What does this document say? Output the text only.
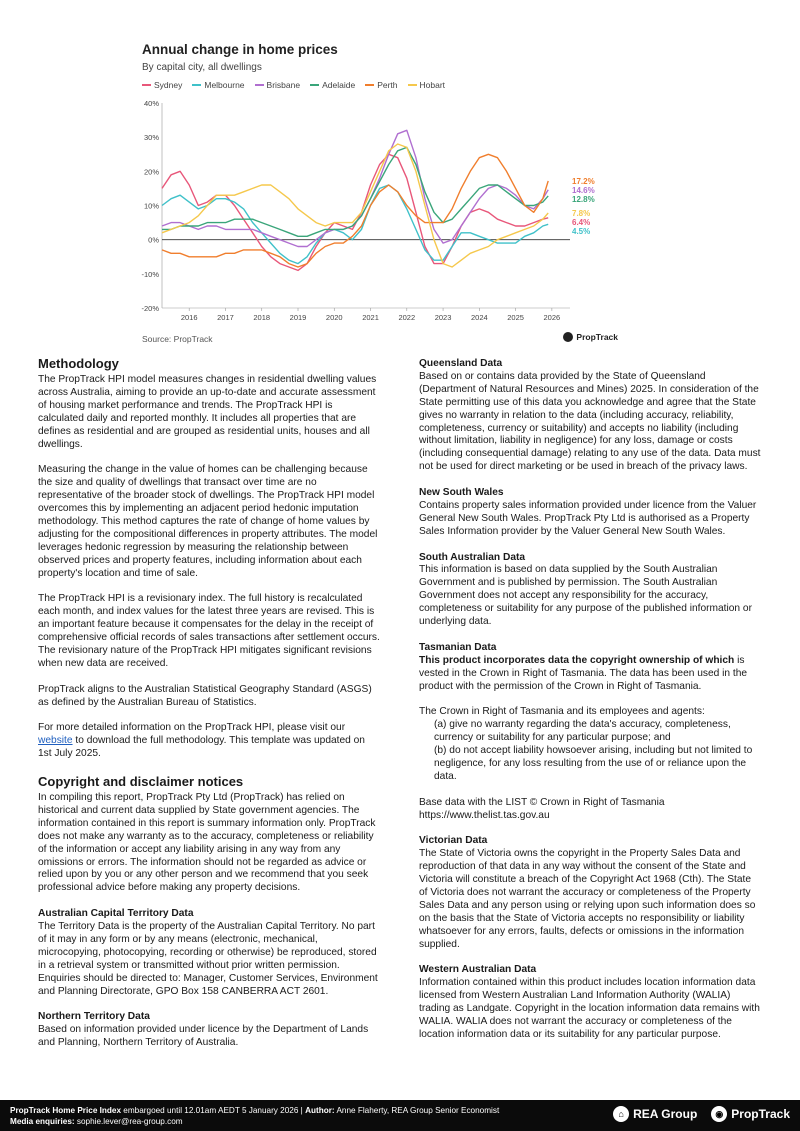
Annual change in home prices
By capital city, all dwellings
Sydney	Melbourne	Brisbane	Adelaide	Perth	Hobart
40%
30%
20%
10%
0%
-10%
-20%
2016	2017	2018	2019	2020	2021	2022	2023	2024	2025	2026
17.2%
14.6%
12.8%
7.8%
6.4%
4.5%
Source: PropTrack	PropTrack
Methodology

The PropTrack HPI model measures changes in residential dwelling values across Australia, aiming to provide an up-to-date and accurate assessment of housing market performance and trends. The PropTrack HPI is calculated daily and reported monthly. It includes all properties that are defines as residential and are grouped as residential units, houses and all dwellings.

Measuring the change in the value of homes can be challenging because the size and quality of dwellings that transact over time are no representative of the broader stock of dwellings. The PropTrack HPI model overcomes this by implementing an adjacent period hedonic imputation methodology. This method captures the rate of change of home values by adjusting for the compositional differences in property attributes. The model leverages hedonic regression by measuring the relationship between observed prices and property features, including information about each property's location and time of sale.

The PropTrack HPI is a revisionary index. The full history is recalculated each month, and index values for the latest three years are revised. This is an important feature because it compensates for the delay in the receipt of comprehensive official records of sales transactions after settlement occurs. The revisionary nature of the PropTrack HPI mitigates significant revisions when new data are received.

PropTrack aligns to the Australian Statistical Geography Standard (ASGS) as defined by the Australian Bureau of Statistics.

For more detailed information on the PropTrack HPI, please visit our website to download the full methodology. This template was updated on 1st July 2025.

Copyright and disclaimer notices

In compiling this report, PropTrack Pty Ltd (PropTrack) has relied on historical and current data supplied by State government agencies. The information contained in this report is summary information only. PropTrack does not make any warranty as to the accuracy, completeness or reliability of the information or accept any liability arising in any way from any omissions or errors. The information should not be regarded as advice or relied upon by you or any other person and we recommend that you seek professional advice before making any property decisions.

Australian Capital Territory Data

The Territory Data is the property of the Australian Capital Territory. No part of it may in any form or by any means (electronic, mechanical, microcopying, photocopying, recording or otherwise) be reproduced, stored in a retrieval system or transmitted without prior written permission. Enquiries should be directed to: Manager, Customer Services, Environment and Planning Directorate, GPO Box 158 CANBERRA ACT 2601.

Northern Territory Data

Based on information provided under licence by the Department of Lands and Planning, Northern Territory of Australia.

Queensland Data

Based on or contains data provided by the State of Queensland (Department of Natural Resources and Mines) 2025. In consideration of the State permitting use of this data you acknowledge and agree that the State gives no warranty in relation to the data (including accuracy, reliability, completeness, currency or suitability) and accepts no liability (including without limitation, liability in negligence) for any loss, damage or costs (including consequential damage) relating to any use of the data. Data must not be used for direct marketing or be used in breach of the privacy laws.

New South Wales

Contains property sales information provided under licence from the Valuer General New South Wales. PropTrack Pty Ltd is authorised as a Property Sales Information provider by the Valuer General New South Wales.

South Australian Data

This information is based on data supplied by the South Australian Government and is published by permission. The South Australian Government does not accept any responsibility for the accuracy, completeness or suitability for any purpose of the published information or underlying data.

Tasmanian Data

This product incorporates data the copyright ownership of which is vested in the Crown in Right of Tasmania. The data has been used in the product with the permission of the Crown in Right of Tasmania.

The Crown in Right of Tasmania and its employees and agents:
(a) give no warranty regarding the data's accuracy, completeness, currency or suitability for any particular purpose; and
(b) do not accept liability howsoever arising, including but not limited to negligence, for any loss resulting from the use of or reliance upon the data.
Base data with the LIST © Crown in Right of Tasmania

https://www.thelist.tas.gov.au

Victorian Data

The State of Victoria owns the copyright in the Property Sales Data and reproduction of that data in any way without the consent of the State and Victoria will constitute a breach of the Copyright Act 1968 (Cth). The State of Victoria does not warrant the accuracy or completeness of the Property Sales Data and any person using or relying upon such information does so on the basis that the State of Victoria accepts no responsibility or liability whatsoever for any errors, faults, defects or omissions in the information supplied.

Western Australian Data

Information contained within this product includes location information data licensed from Western Australian Land Information Authority (WALIA) trading as Landgate. Copyright in the location information data remains with WALIA. WALIA does not warrant the accuracy or completeness of the location information data or its suitability for any particular purpose.

PropTrack Home Price Index embargoed until 12.01am AEDT 5 January 2026 | Author: Anne Flaherty, REA Group Senior Economist
Media enquiries: sophie.lever@rea-group.com
⌂ REA Group	◉ PropTrack
